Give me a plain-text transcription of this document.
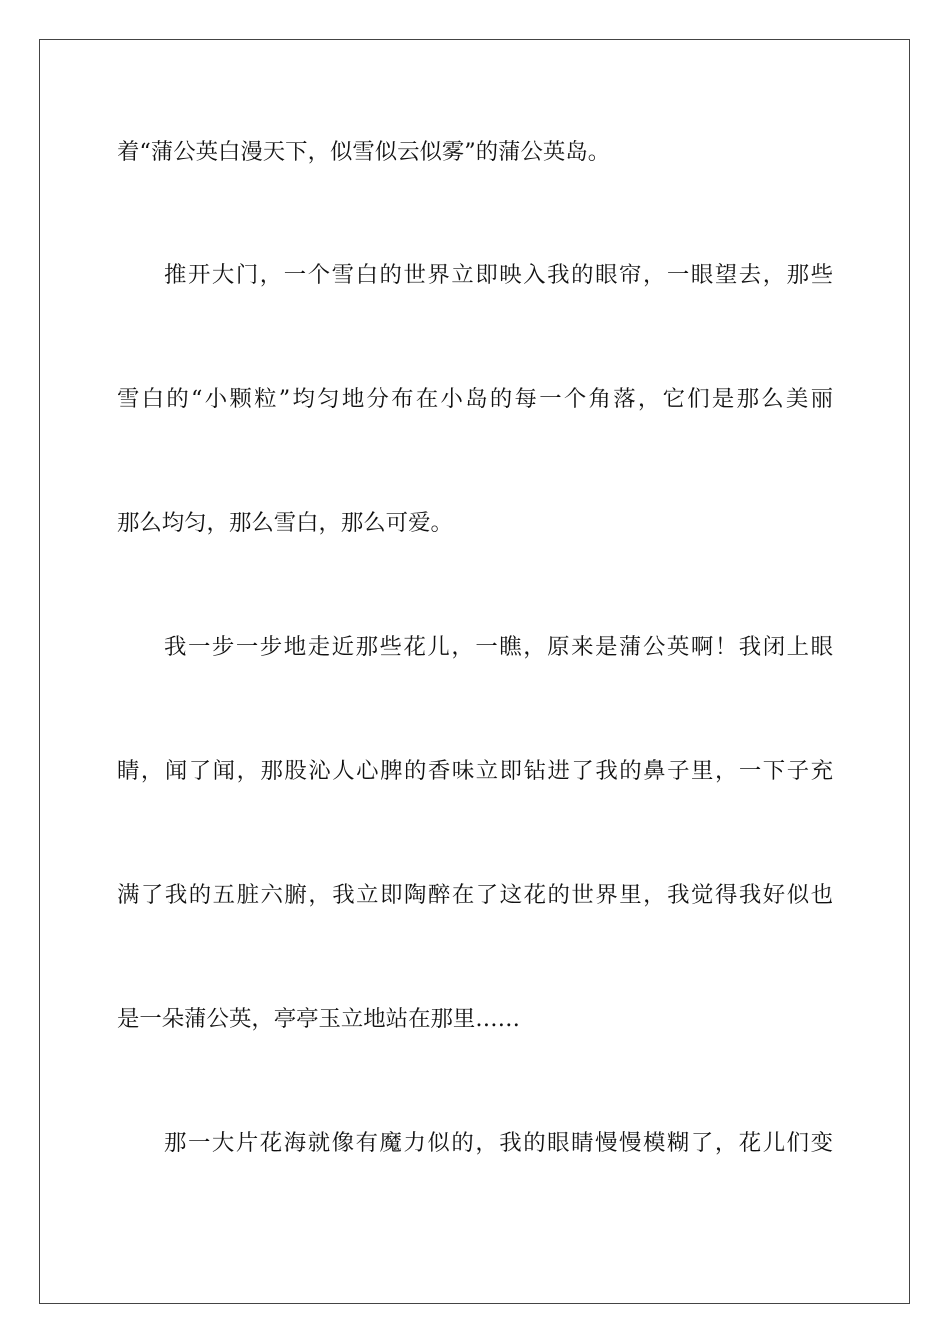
着“蒲公英白漫天下，似雪似云似雾”的蒲公英岛。
推开大门，一个雪白的世界立即映入我的眼帘，一眼望去，那些
雪白的“小颗粒”均匀地分布在小岛的每一个角落，它们是那么美丽
那么均匀，那么雪白，那么可爱。
我一步一步地走近那些花儿，一瞧，原来是蒲公英啊！我闭上眼
睛，闻了闻，那股沁人心脾的香味立即钻进了我的鼻子里，一下子充
满了我的五脏六腑，我立即陶醉在了这花的世界里，我觉得我好似也
是一朵蒲公英，亭亭玉立地站在那里……
那一大片花海就像有魔力似的，我的眼睛慢慢模糊了，花儿们变
